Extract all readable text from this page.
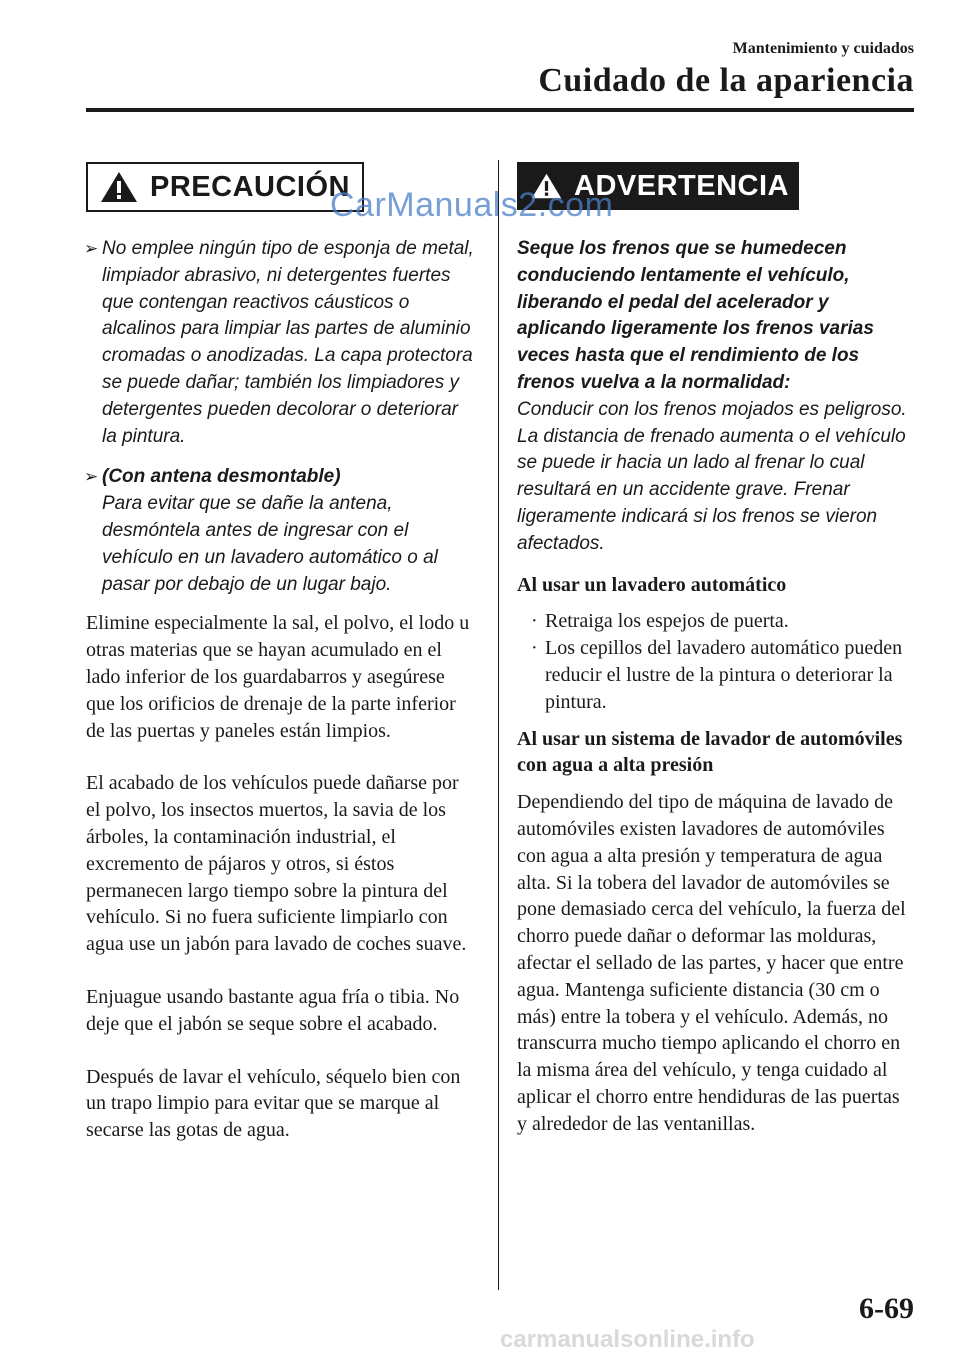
Mantenimiento y cuidados
Cuidado de la apariencia
PRECAUCIÓN
➢ No emplee ningún tipo de esponja de metal, limpiador abrasivo, ni detergentes fuertes que contengan reactivos cáusticos o alcalinos para limpiar las partes de aluminio cromadas o anodizadas. La capa protectora se puede dañar; también los limpiadores y detergentes pueden decolorar o deteriorar la pintura.
➢ (Con antena desmontable)
Para evitar que se dañe la antena, desmóntela antes de ingresar con el vehículo en un lavadero automático o al pasar por debajo de un lugar bajo.

Elimine especialmente la sal, el polvo, el lodo u otras materias que se hayan acumulado en el lado inferior de los guardabarros y asegúrese que los orificios de drenaje de la parte inferior de las puertas y paneles están limpios.

El acabado de los vehículos puede dañarse por el polvo, los insectos muertos, la savia de los árboles, la contaminación industrial, el excremento de pájaros y otros, si éstos permanecen largo tiempo sobre la pintura del vehículo. Si no fuera suficiente limpiarlo con agua use un jabón para lavado de coches suave.

Enjuague usando bastante agua fría o tibia. No deje que el jabón se seque sobre el acabado.

Después de lavar el vehículo, séquelo bien con un trapo limpio para evitar que se marque al secarse las gotas de agua.

ADVERTENCIA
Seque los frenos que se humedecen conduciendo lentamente el vehículo, liberando el pedal del acelerador y aplicando ligeramente los frenos varias veces hasta que el rendimiento de los frenos vuelva a la normalidad:
Conducir con los frenos mojados es peligroso. La distancia de frenado aumenta o el vehículo se puede ir hacia un lado al frenar lo cual resultará en un accidente grave. Frenar ligeramente indicará si los frenos se vieron afectados.
Al usar un lavadero automático
· Retraiga los espejos de puerta.
· Los cepillos del lavadero automático pueden reducir el lustre de la pintura o deteriorar la pintura.
Al usar un sistema de lavador de automóviles con agua a alta presión

Dependiendo del tipo de máquina de lavado de automóviles existen lavadores de automóviles con agua a alta presión y temperatura de agua alta. Si la tobera del lavador de automóviles se pone demasiado cerca del vehículo, la fuerza del chorro puede dañar o deformar las molduras, afectar el sellado de las partes, y hacer que entre agua. Mantenga suficiente distancia (30 cm o más) entre la tobera y el vehículo. Además, no transcurra mucho tiempo aplicando el chorro en la misma área del vehículo, y tenga cuidado al aplicar el chorro entre hendiduras de las puertas y alrededor de las ventanillas.

CarManuals2.com
6-69
carmanualsonline.info
